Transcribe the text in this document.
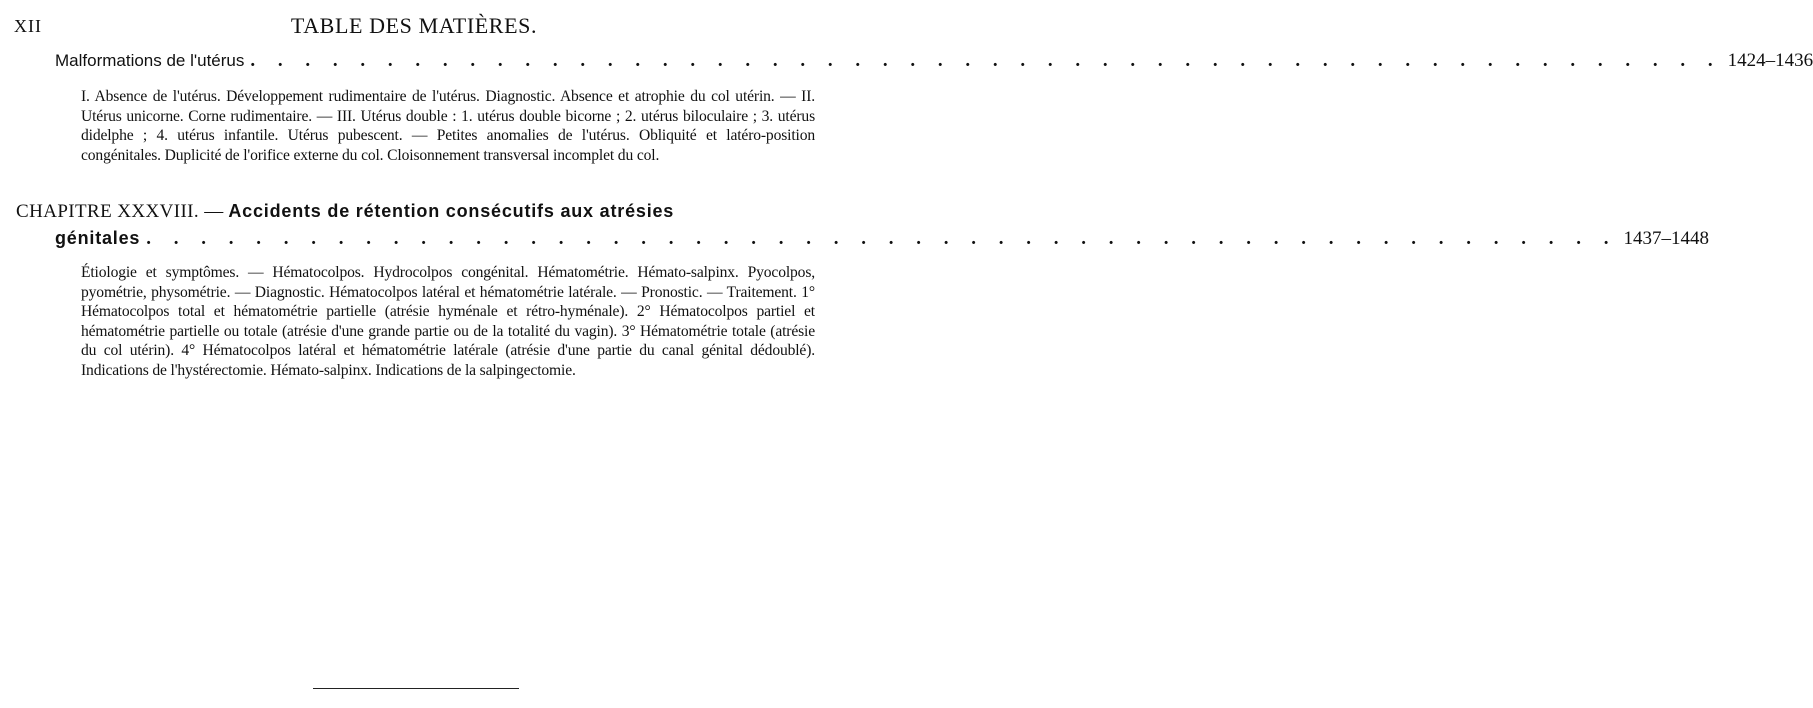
XII	TABLE DES MATIÈRES.
Malformations de l'utérus . . . . . . . . . . . . . . . . . . . . . . . . . . . . . . . . . . . . . . . . . . . . . . . . . . . . . . 1424–1436
I. Absence de l'utérus. Développement rudimentaire de l'utérus. Diagnostic. Absence et atrophie du col utérin. — II. Utérus unicorne. Corne rudimentaire. — III. Utérus double : 1. utérus double bicorne ; 2. utérus biloculaire ; 3. utérus didelphe ; 4. utérus infantile. Utérus pubescent. — Petites anomalies de l'utérus. Obliquité et latéro-position congénitales. Duplicité de l'orifice externe du col. Cloisonnement transversal incomplet du col.
CHAPITRE XXXVIII. — Accidents de rétention consécutifs aux atrésies
génitales . . . . . . . . . . . . . . . . . . . . . . . . . . . . . . . . . . . . . . . . . . . . . . . . . . . . . . 1437–1448
Étiologie et symptômes. — Hématocolpos. Hydrocolpos congénital. Hématométrie. Hémato-salpinx. Pyocolpos, pyométrie, physométrie. — Diagnostic. Hématocolpos latéral et hématométrie latérale. — Pronostic. — Traitement. 1° Hématocolpos total et hématométrie partielle (atrésie hyménale et rétro-hyménale). 2° Hématocolpos partiel et hématométrie partielle ou totale (atrésie d'une grande partie ou de la totalité du vagin). 3° Hématométrie totale (atrésie du col utérin). 4° Hématocolpos latéral et hématométrie latérale (atrésie d'une partie du canal génital dédoublé). Indications de l'hystérectomie. Hémato-salpinx. Indications de la salpingectomie.
